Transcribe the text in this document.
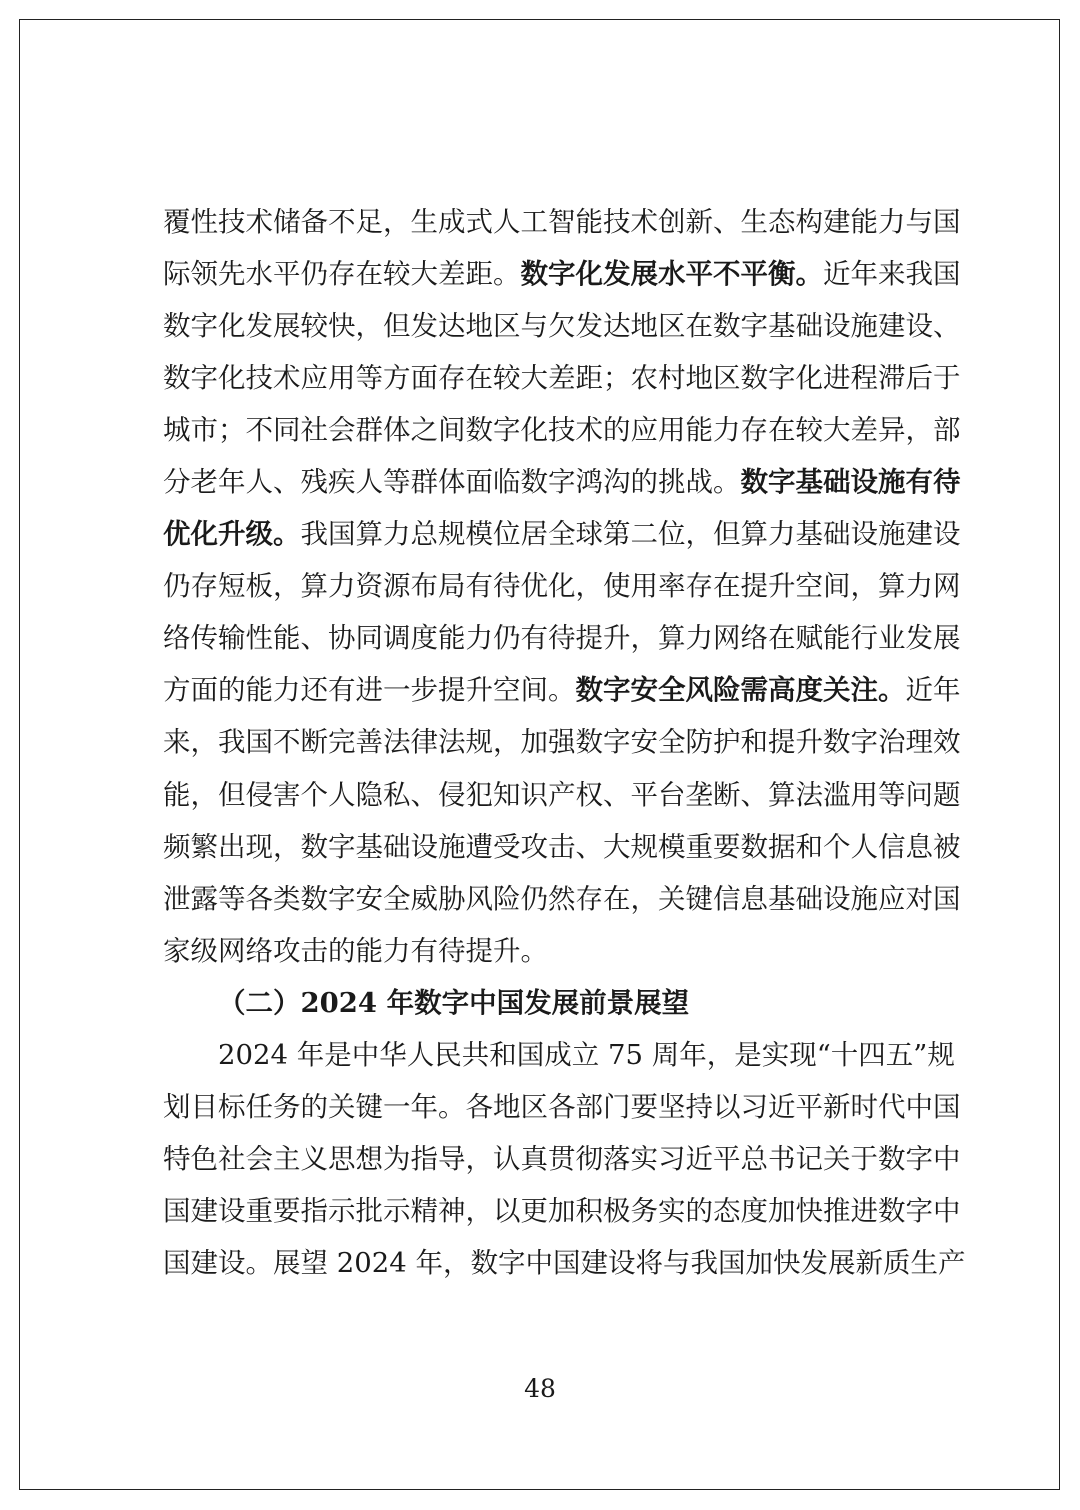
覆性技术储备不足，生成式人工智能技术创新、生态构建能力与国
际领先水平仍存在较大差距。数字化发展水平不平衡。近年来我国
数字化发展较快，但发达地区与欠发达地区在数字基础设施建设、
数字化技术应用等方面存在较大差距；农村地区数字化进程滞后于
城市；不同社会群体之间数字化技术的应用能力存在较大差异，部
分老年人、残疾人等群体面临数字鸿沟的挑战。数字基础设施有待
优化升级。我国算力总规模位居全球第二位，但算力基础设施建设
仍存短板，算力资源布局有待优化，使用率存在提升空间，算力网
络传输性能、协同调度能力仍有待提升，算力网络在赋能行业发展
方面的能力还有进一步提升空间。数字安全风险需高度关注。近年
来，我国不断完善法律法规，加强数字安全防护和提升数字治理效
能，但侵害个人隐私、侵犯知识产权、平台垄断、算法滥用等问题
频繁出现，数字基础设施遭受攻击、大规模重要数据和个人信息被
泄露等各类数字安全威胁风险仍然存在，关键信息基础设施应对国
家级网络攻击的能力有待提升。
（二）2024 年数字中国发展前景展望
2024 年是中华人民共和国成立 75 周年，是实现“十四五”规
划目标任务的关键一年。各地区各部门要坚持以习近平新时代中国
特色社会主义思想为指导，认真贯彻落实习近平总书记关于数字中
国建设重要指示批示精神，以更加积极务实的态度加快推进数字中
国建设。展望 2024 年，数字中国建设将与我国加快发展新质生产
48
